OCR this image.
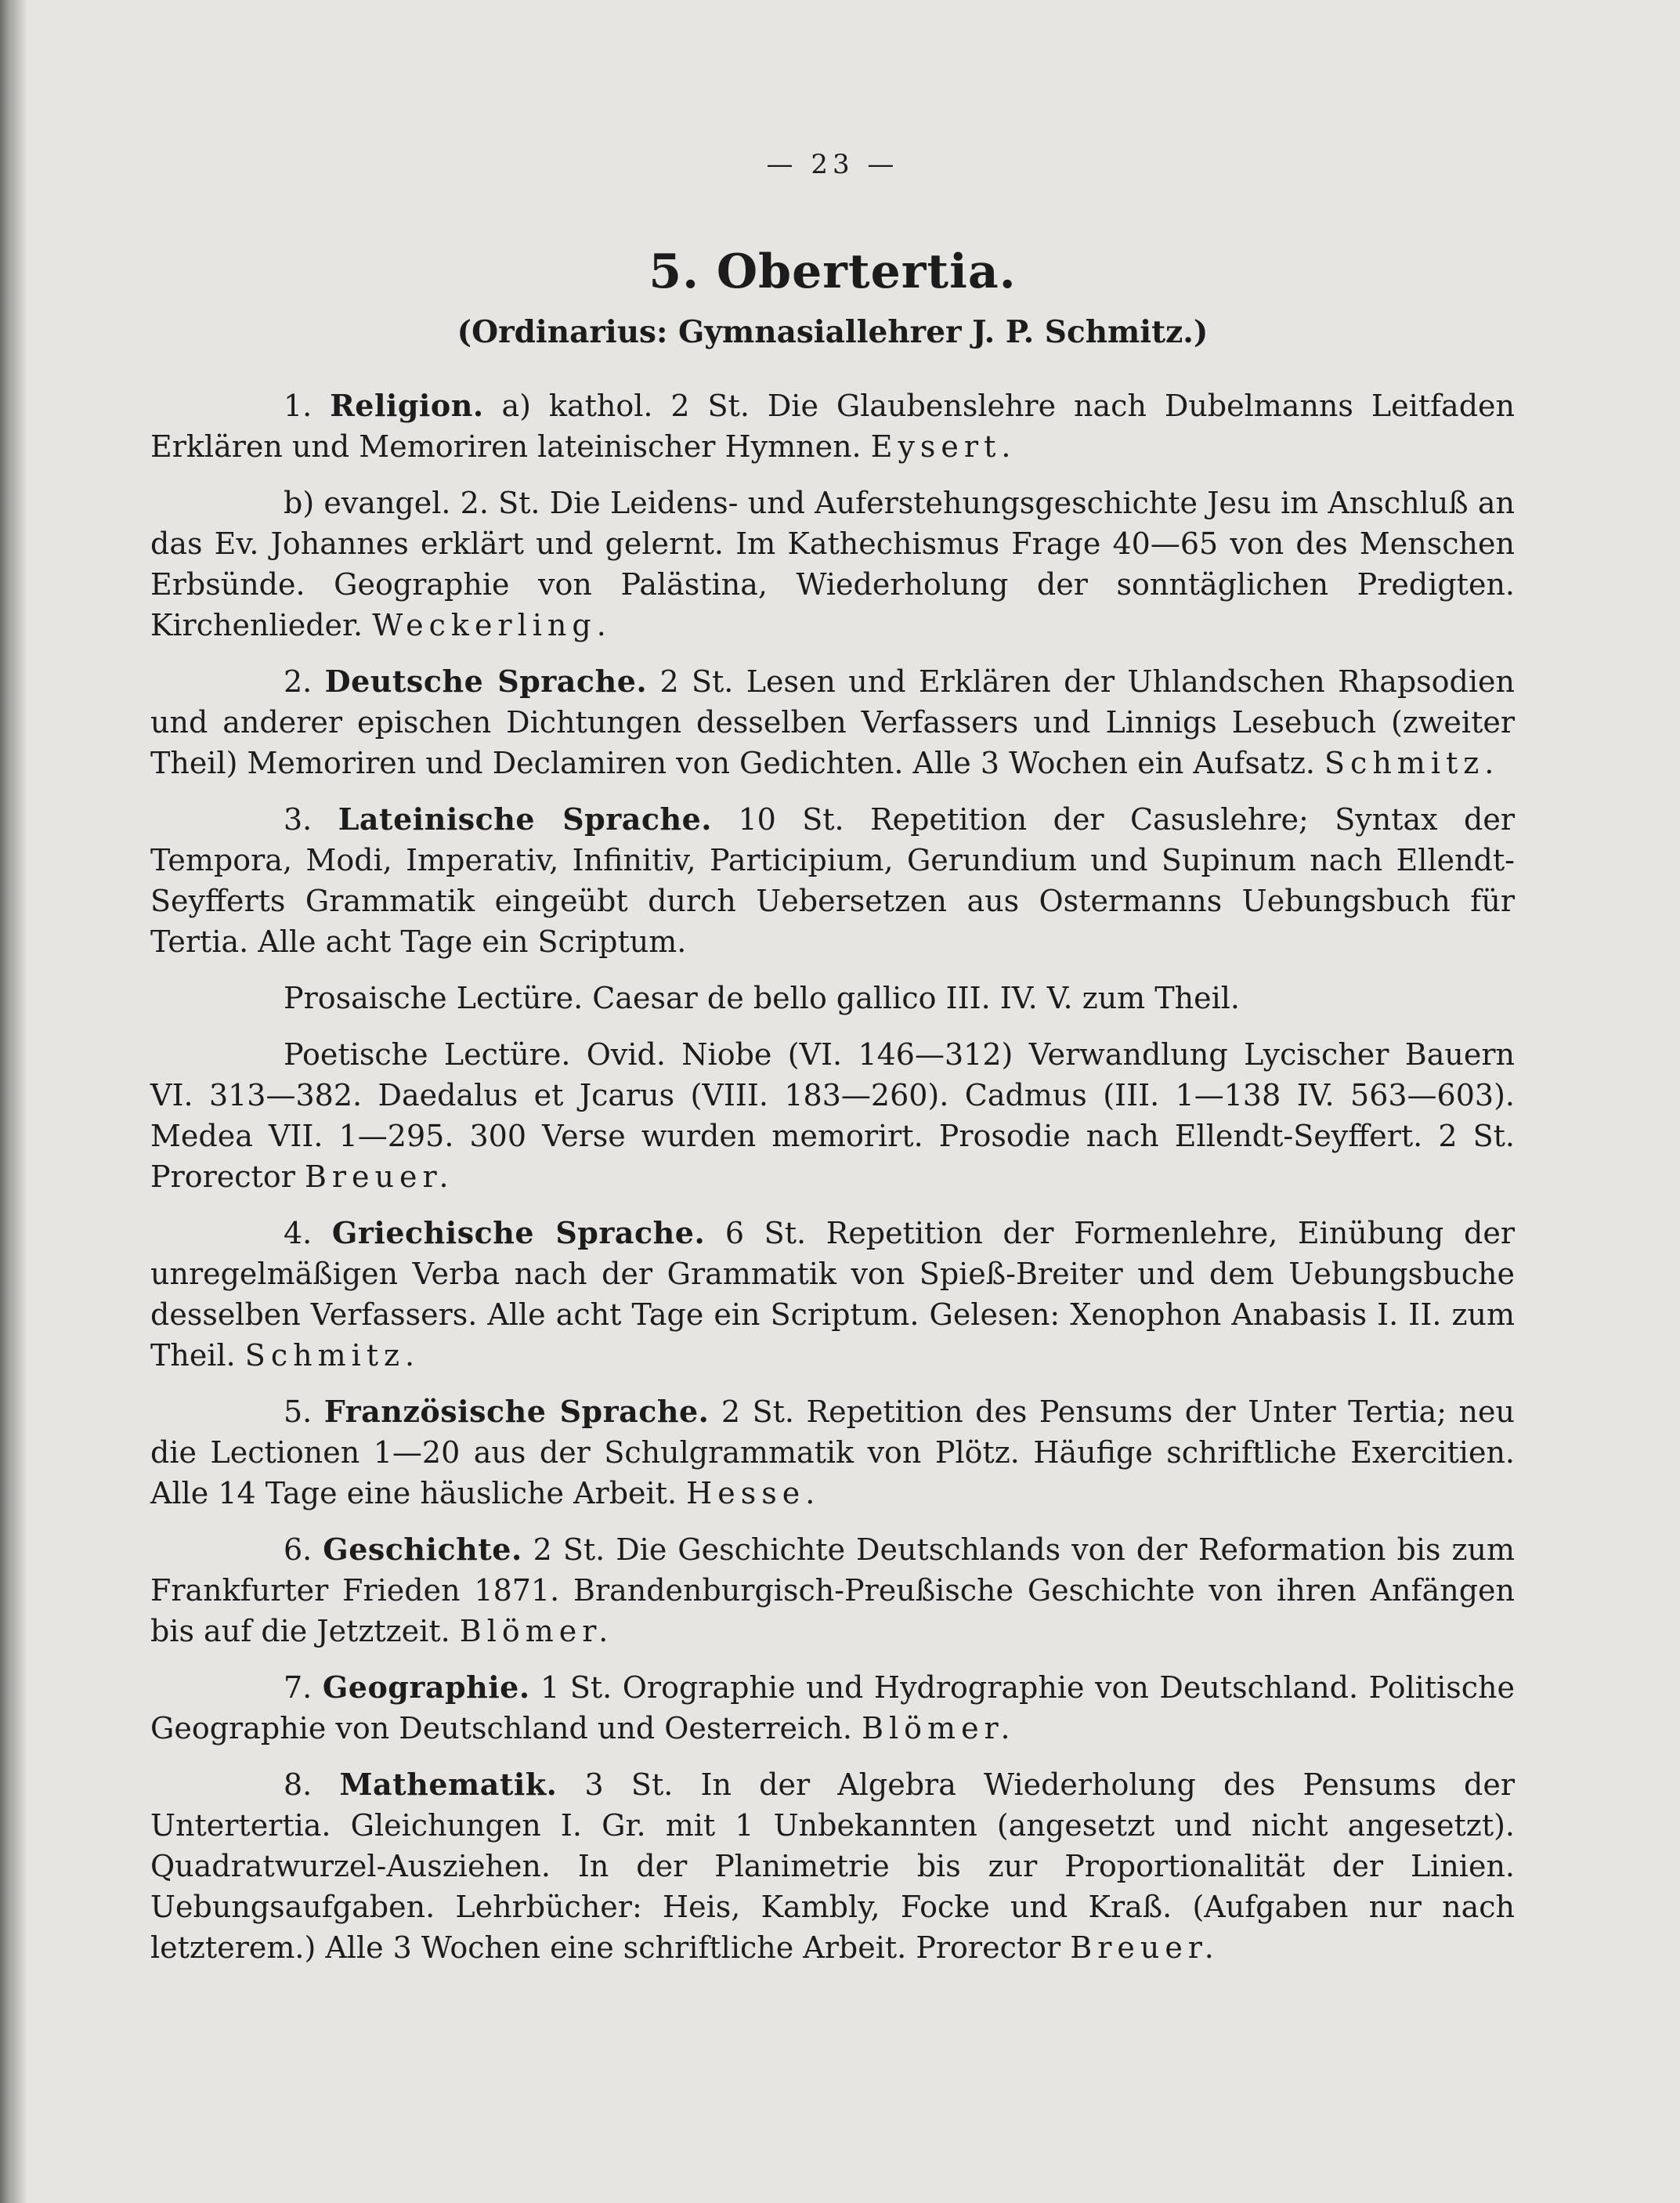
— 23 —
5. Obertertia.
(Ordinarius: Gymnasiallehrer J. P. Schmitz.)

1. Religion. a) kathol. 2 St. Die Glaubenslehre nach Dubelmanns Leitfaden Erklären und Memoriren lateinischer Hymnen. Eysert.

b) evangel. 2. St. Die Leidens- und Auferstehungsgeschichte Jesu im Anschluß an das Ev. Johannes erklärt und gelernt. Im Kathechismus Frage 40—65 von des Menschen Erbsünde. Geographie von Palästina, Wiederholung der sonntäglichen Predigten. Kirchenlieder. Weckerling.

2. Deutsche Sprache. 2 St. Lesen und Erklären der Uhlandschen Rhapsodien und anderer epischen Dichtungen desselben Verfassers und Linnigs Lesebuch (zweiter Theil) Memoriren und Declamiren von Gedichten. Alle 3 Wochen ein Aufsatz. Schmitz.

3. Lateinische Sprache. 10 St. Repetition der Casuslehre; Syntax der Tempora, Modi, Imperativ, Infinitiv, Participium, Gerundium und Supinum nach Ellendt-Seyfferts Grammatik eingeübt durch Uebersetzen aus Ostermanns Uebungsbuch für Tertia. Alle acht Tage ein Scriptum.

Prosaische Lectüre. Caesar de bello gallico III. IV. V. zum Theil.

Poetische Lectüre. Ovid. Niobe (VI. 146—312) Verwandlung Lycischer Bauern VI. 313—382. Daedalus et Jcarus (VIII. 183—260). Cadmus (III. 1—138 IV. 563—603). Medea VII. 1—295. 300 Verse wurden memorirt. Prosodie nach Ellendt-Seyffert. 2 St. Prorector Breuer.

4. Griechische Sprache. 6 St. Repetition der Formenlehre, Einübung der unregelmäßigen Verba nach der Grammatik von Spieß-Breiter und dem Uebungsbuche desselben Verfassers. Alle acht Tage ein Scriptum. Gelesen: Xenophon Anabasis I. II. zum Theil. Schmitz.

5. Französische Sprache. 2 St. Repetition des Pensums der Unter Tertia; neu die Lectionen 1—20 aus der Schulgrammatik von Plötz. Häufige schriftliche Exercitien. Alle 14 Tage eine häusliche Arbeit. Hesse.

6. Geschichte. 2 St. Die Geschichte Deutschlands von der Reformation bis zum Frankfurter Frieden 1871. Brandenburgisch-Preußische Geschichte von ihren Anfängen bis auf die Jetztzeit. Blömer.

7. Geographie. 1 St. Orographie und Hydrographie von Deutschland. Politische Geographie von Deutschland und Oesterreich. Blömer.

8. Mathematik. 3 St. In der Algebra Wiederholung des Pensums der Untertertia. Gleichungen I. Gr. mit 1 Unbekannten (angesetzt und nicht angesetzt). Quadratwurzel-Ausziehen. In der Planimetrie bis zur Proportionalität der Linien. Uebungsaufgaben. Lehrbücher: Heis, Kambly, Focke und Kraß. (Aufgaben nur nach letzterem.) Alle 3 Wochen eine schriftliche Arbeit. Prorector Breuer.
